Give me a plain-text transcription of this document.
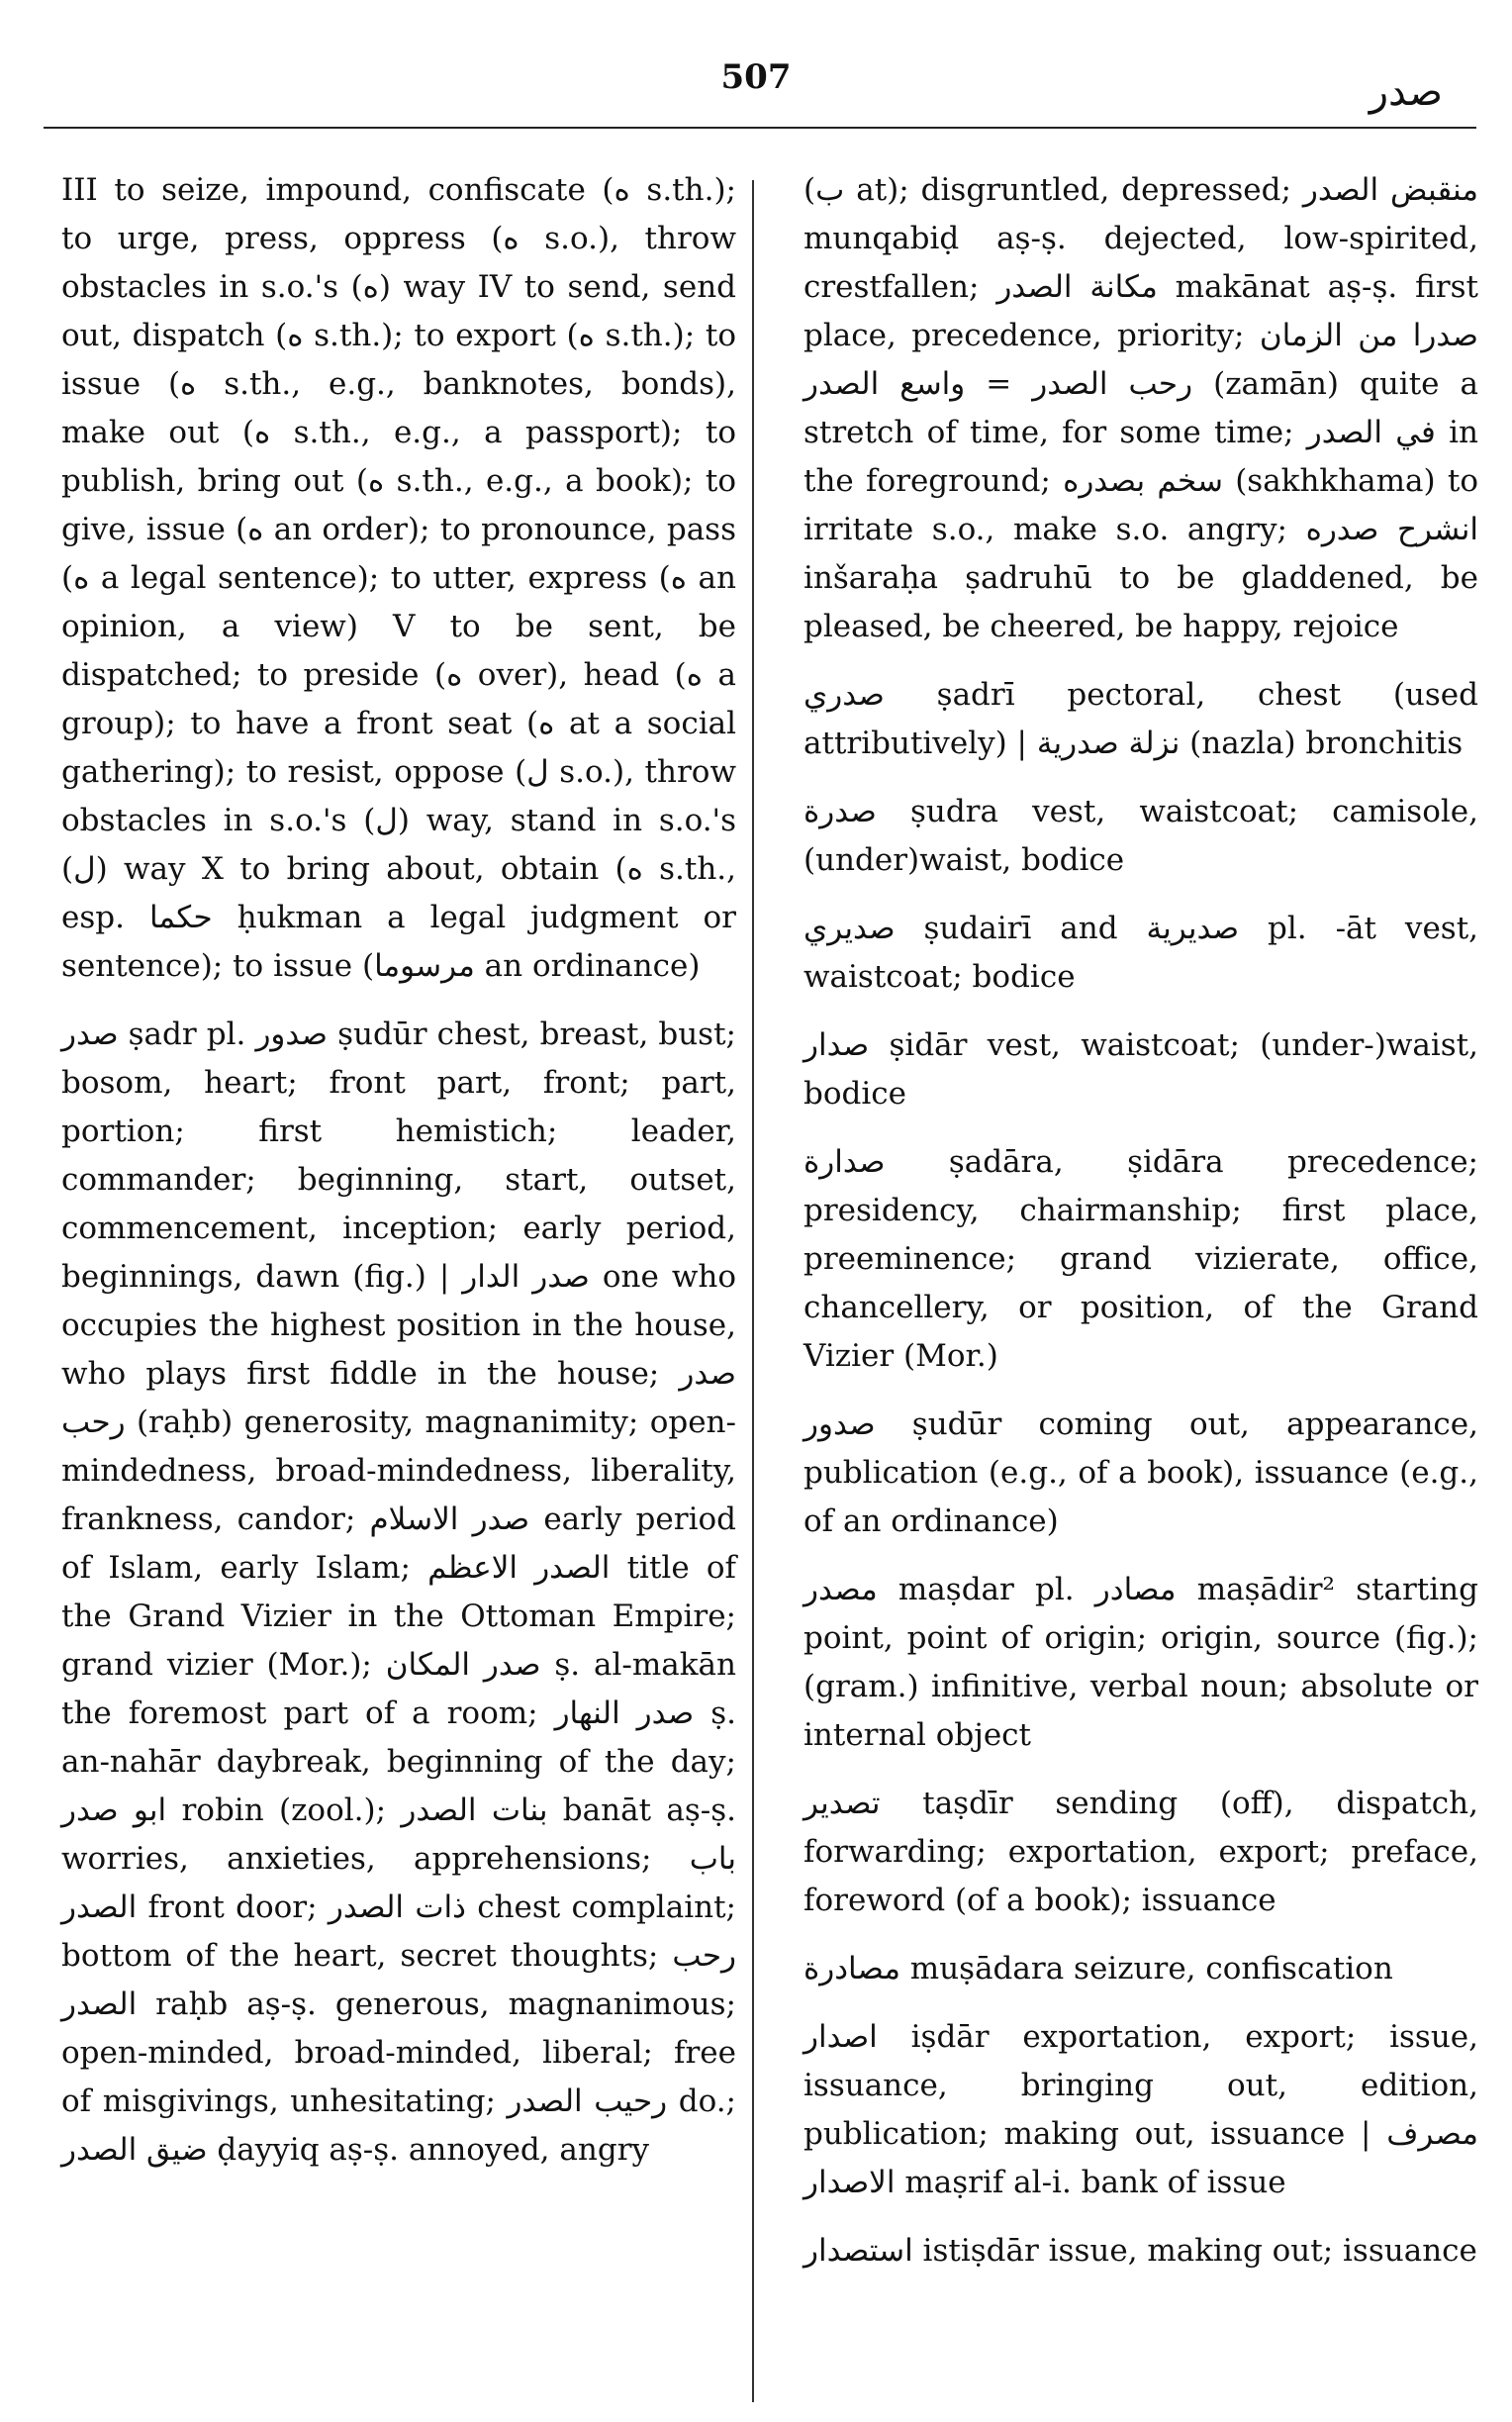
507	صدر

III to seize, impound, confiscate (ه s.th.); to urge, press, oppress (ه s.o.), throw obstacles in s.o.'s (ه) way IV to send, send out, dispatch (ه s.th.); to export (ه s.th.); to issue (ه s.th., e.g., banknotes, bonds), make out (ه s.th., e.g., a passport); to publish, bring out (ه s.th., e.g., a book); to give, issue (ه an order); to pronounce, pass (ه a legal sentence); to utter, express (ه an opinion, a view) V to be sent, be dispatched; to preside (ه over), head (ه a group); to have a front seat (ه at a social gathering); to resist, oppose (ل s.o.), throw obstacles in s.o.'s (ل) way, stand in s.o.'s (ل) way X to bring about, obtain (ه s.th., esp. حكما ḥukman a legal judgment or sentence); to issue (مرسوما an ordinance)

صدر ṣadr pl. صدور ṣudūr chest, breast, bust; bosom, heart; front part, front; part, portion; first hemistich; leader, commander; beginning, start, outset, commencement, inception; early period, beginnings, dawn (fig.) | صدر الدار one who occupies the highest position in the house, who plays first fiddle in the house; صدر رحب (raḥb) generosity, magnanimity; open-mindedness, broad-mindedness, liberality, frankness, candor; صدر الاسلام early period of Islam, early Islam; الصدر الاعظم title of the Grand Vizier in the Ottoman Empire; grand vizier (Mor.); صدر المكان ṣ. al-makān the foremost part of a room; صدر النهار ṣ. an-nahār daybreak, beginning of the day; ابو صدر robin (zool.); بنات الصدر banāt aṣ-ṣ. worries, anxieties, apprehensions; باب الصدر front door; ذات الصدر chest complaint; bottom of the heart, secret thoughts; رحب الصدر raḥb aṣ-ṣ. generous, magnanimous; open-minded, broad-minded, liberal; free of misgivings, unhesitating; رحيب الصدر do.; ضيق الصدر ḍayyiq aṣ-ṣ. annoyed, angry

(ب at); disgruntled, depressed; منقبض الصدر munqabiḍ aṣ-ṣ. dejected, low-spirited, crestfallen; مكانة الصدر makānat aṣ-ṣ. first place, precedence, priority; صدرا من الزمان رحب الصدر = واسع الصدر (zamān) quite a stretch of time, for some time; في الصدر in the foreground; سخم بصدره (sakhkhama) to irritate s.o., make s.o. angry; انشرح صدره inšaraḥa ṣadruhū to be gladdened, be pleased, be cheered, be happy, rejoice

صدري ṣadrī pectoral, chest (used attributively) | نزلة صدرية (nazla) bronchitis

صدرة ṣudra vest, waistcoat; camisole, (under)waist, bodice

صديري ṣudairī and صديرية pl. -āt vest, waistcoat; bodice

صدار ṣidār vest, waistcoat; (under-)waist, bodice

صدارة ṣadāra, ṣidāra precedence; presidency, chairmanship; first place, preeminence; grand vizierate, office, chancellery, or position, of the Grand Vizier (Mor.)

صدور ṣudūr coming out, appearance, publication (e.g., of a book), issuance (e.g., of an ordinance)

مصدر maṣdar pl. مصادر maṣādir² starting point, point of origin; origin, source (fig.); (gram.) infinitive, verbal noun; absolute or internal object

تصدير taṣdīr sending (off), dispatch, forwarding; exportation, export; preface, foreword (of a book); issuance

مصادرة muṣādara seizure, confiscation

اصدار iṣdār exportation, export; issue, issuance, bringing out, edition, publication; making out, issuance | مصرف الاصدار maṣrif al-i. bank of issue

استصدار istiṣdār issue, making out; issuance
